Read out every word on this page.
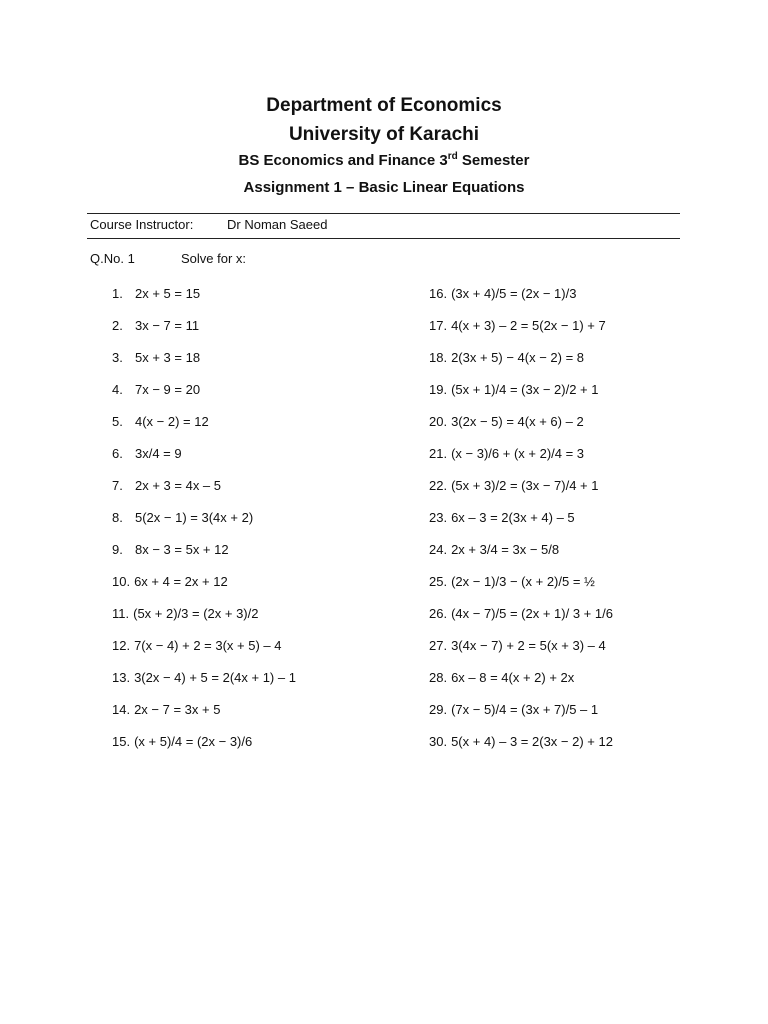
Department of Economics
University of Karachi
BS Economics and Finance 3rd Semester
Assignment 1 – Basic Linear Equations
Course Instructor:	Dr Noman Saeed
Q.No. 1	Solve for x:
1. 2x + 5 = 15
2. 3x − 7 = 11
3. 5x + 3 = 18
4. 7x − 9 = 20
5. 4(x − 2) = 12
6. 3x/4 = 9
7. 2x + 3 = 4x – 5
8. 5(2x − 1) = 3(4x + 2)
9. 8x − 3 = 5x + 12
10. 6x + 4 = 2x + 12
11. (5x + 2)/3 = (2x + 3)/2
12. 7(x − 4) + 2 = 3(x + 5) – 4
13. 3(2x − 4) + 5 = 2(4x + 1) – 1
14. 2x − 7 = 3x + 5
15. (x + 5)/4 = (2x − 3)/6
16. (3x + 4)/5 = (2x − 1)/3
17. 4(x + 3) – 2 = 5(2x − 1) + 7
18. 2(3x + 5) − 4(x − 2) = 8
19. (5x + 1)/4 = (3x − 2)/2 + 1
20. 3(2x − 5) = 4(x + 6) – 2
21. (x − 3)/6 + (x + 2)/4 = 3
22. (5x + 3)/2 = (3x − 7)/4 + 1
23. 6x – 3 = 2(3x + 4) – 5
24. 2x + 3/4 = 3x − 5/8
25. (2x − 1)/3 − (x + 2)/5 = ½
26. (4x − 7)/5 = (2x + 1)/ 3 + 1/6
27. 3(4x − 7) + 2 = 5(x + 3) – 4
28. 6x – 8 = 4(x + 2) + 2x
29. (7x − 5)/4 = (3x + 7)/5 – 1
30. 5(x + 4) – 3 = 2(3x − 2) + 12
